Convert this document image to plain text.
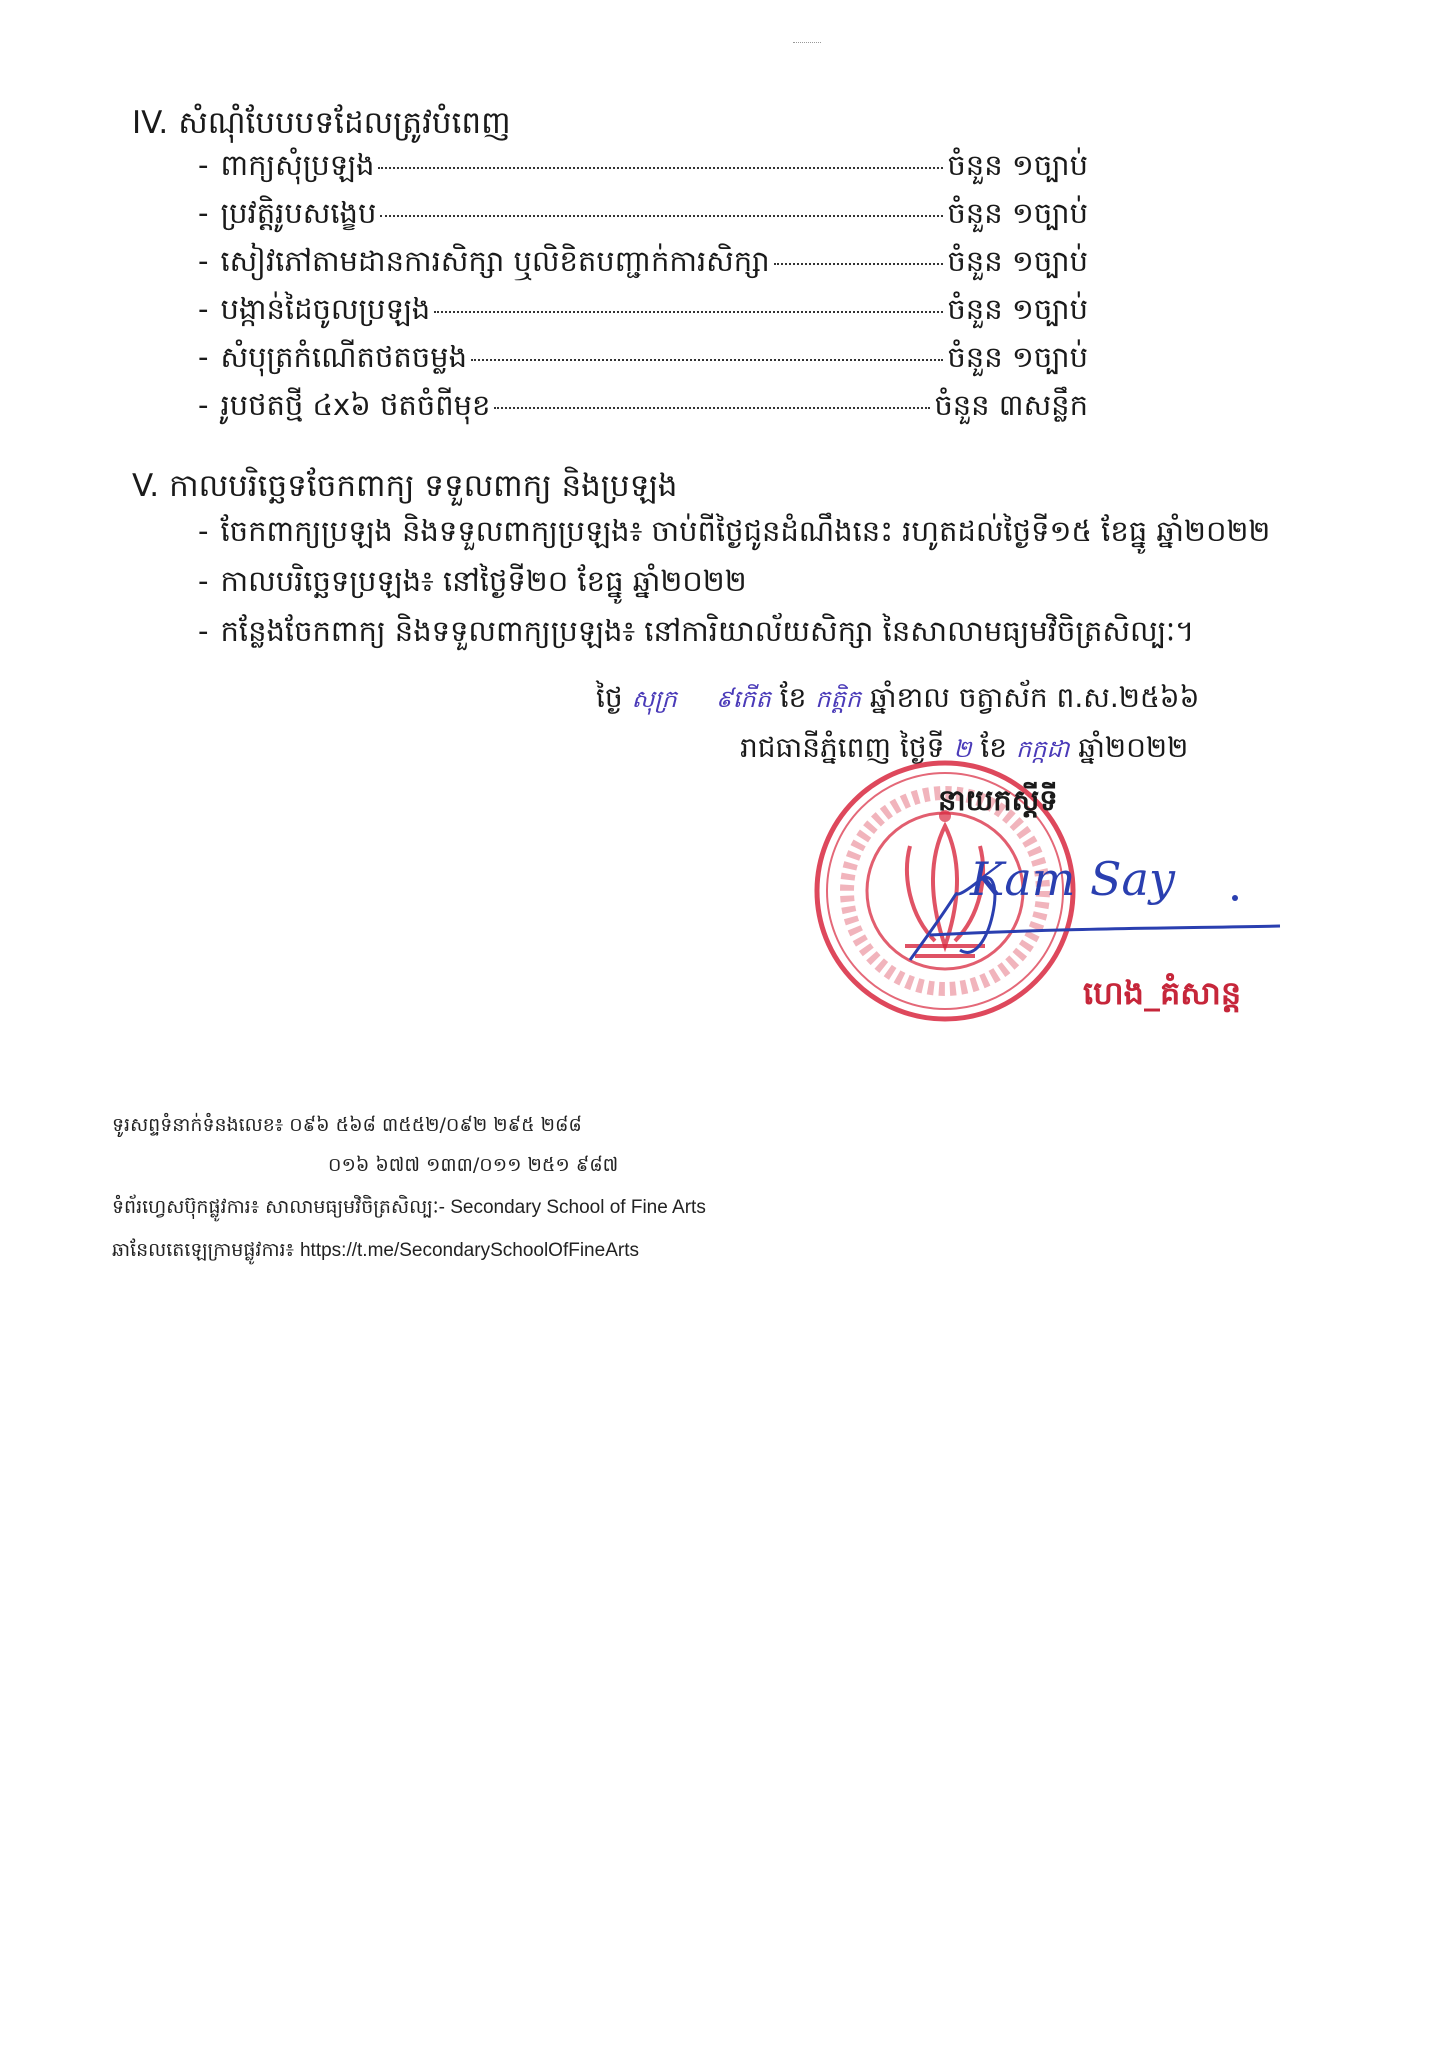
IV. សំណុំបែបបទដែលត្រូវបំពេញ
- ពាក្យសុំប្រឡង	ចំនួន ១ច្បាប់
- ប្រវត្តិរូបសង្ខេប	ចំនួន ១ច្បាប់
- សៀវភៅតាមដានការសិក្សា ឬលិខិតបញ្ជាក់ការសិក្សា	ចំនួន ១ច្បាប់
- បង្កាន់ដៃចូលប្រឡង	ចំនួន ១ច្បាប់
- សំបុត្រកំណើតថតចម្លង	ចំនួន ១ច្បាប់
- រូបថតថ្មី ៤x៦ ថតចំពីមុខ	ចំនួន ៣សន្លឹក
V. កាលបរិច្ឆេទចែកពាក្យ ទទួលពាក្យ និងប្រឡង
- ចែកពាក្យប្រឡង និងទទួលពាក្យប្រឡង៖ ចាប់ពីថ្ងៃជូនដំណឹងនេះ រហូតដល់ថ្ងៃទី១៥ ខែធ្នូ ឆ្នាំ២០២២
- កាលបរិច្ឆេទប្រឡង៖ នៅថ្ងៃទី២០ ខែធ្នូ ឆ្នាំ២០២២
- កន្លែងចែកពាក្យ និងទទួលពាក្យប្រឡង៖ នៅការិយាល័យសិក្សា នៃសាលាមធ្យមវិចិត្រសិល្បៈ។
ថ្ងៃ សុក្រ ៩កើត ខែ កត្តិក ឆ្នាំខាល ចត្វាស័ក ព.ស.២៥៦៦
រាជធានីភ្នំពេញ ថ្ងៃទី ២ ខែ កក្កដា ឆ្នាំ២០២២
នាយកស្តីទី
Kam Say
ហេង_គំសាន្ត
ទូរសព្ទទំនាក់ទំនងលេខ៖ ០៩៦ ៥៦៨ ៣៥៥២/០៩២ ២៩៥ ២៨៨
០១៦ ៦៧៧ ១៣៣/០១១ ២៥១ ៩៨៧
ទំព័រហ្វេសប៊ុកផ្លូវការ៖ សាលាមធ្យមវិចិត្រសិល្បៈ- Secondary School of Fine Arts
ឆានែលតេឡេក្រាមផ្លូវការ៖ https://t.me/SecondarySchoolOfFineArts
